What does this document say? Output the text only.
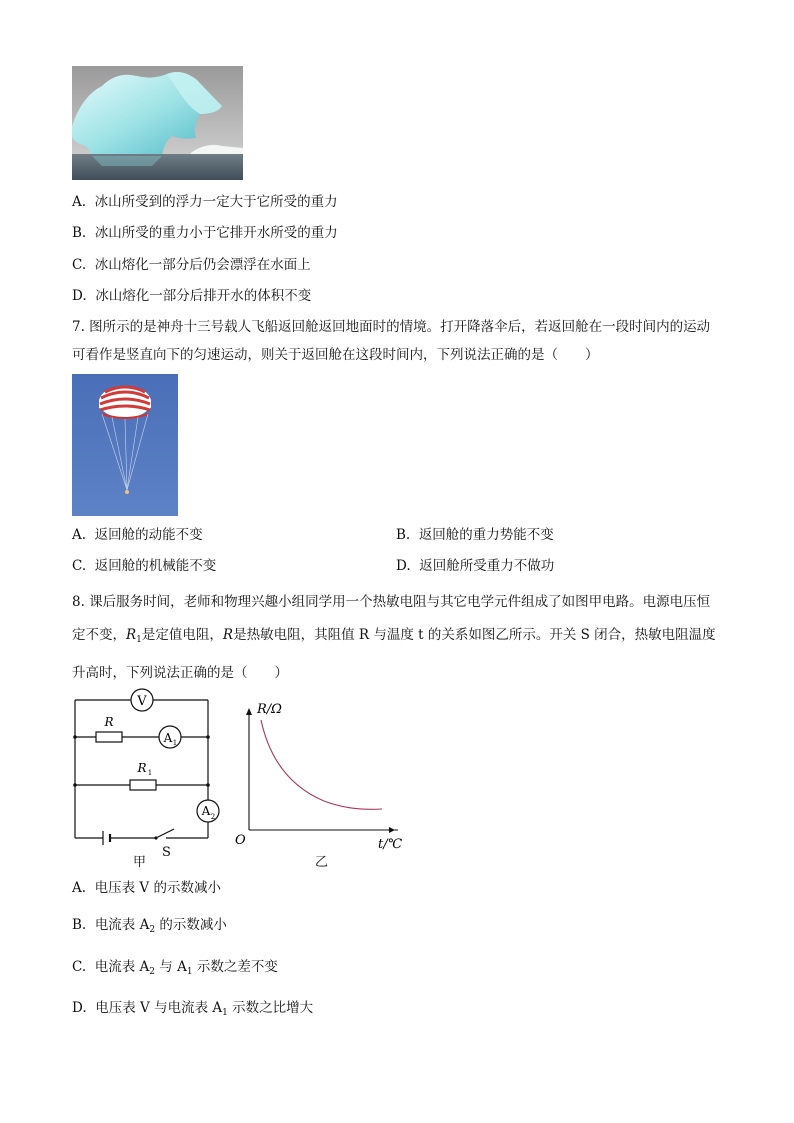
A. 冰山所受到的浮力一定大于它所受的重力
B. 冰山所受的重力小于它排开水所受的重力
C. 冰山熔化一部分后仍会漂浮在水面上
D. 冰山熔化一部分后排开水的体积不变
7. 图所示的是神舟十三号载人飞船返回舱返回地面时的情境。打开降落伞后，若返回舱在一段时间内的运动可看作是竖直向下的匀速运动，则关于返回舱在这段时间内，下列说法正确的是（　　）
A. 返回舱的动能不变	B. 返回舱的重力势能不变
C. 返回舱的机械能不变	D. 返回舱所受重力不做功
8. 课后服务时间，老师和物理兴趣小组同学用一个热敏电阻与其它电学元件组成了如图甲电路。电源电压恒定不变，$R_1$是定值电阻，R是热敏电阻，其阻值 R 与温度 t 的关系如图乙所示。开关 S 闭合，热敏电阻温度升高时，下列说法正确的是（　　）
V
A 1
A 2
R
R 1
S
甲
R/Ω
O	t/℃
乙
A. 电压表 V 的示数减小
B. 电流表 $A_2$ 的示数减小
C. 电流表 $A_2$ 与 $A_1$ 示数之差不变
D. 电压表 V 与电流表 $A_1$ 示数之比增大
